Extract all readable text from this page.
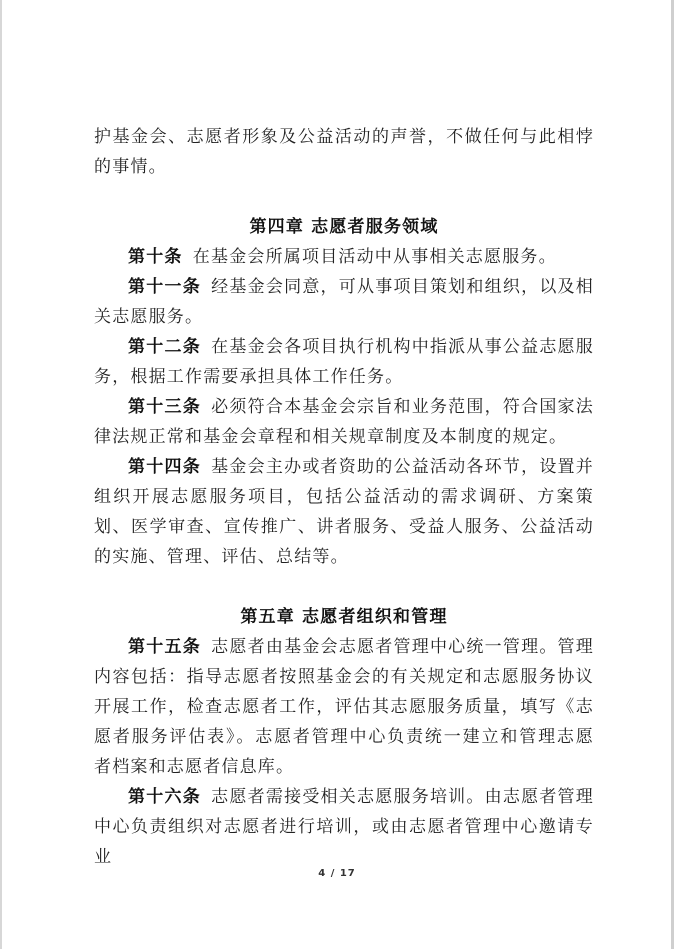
护基金会、志愿者形象及公益活动的声誉，不做任何与此相悖的事情。

第四章 志愿者服务领域

第十条 在基金会所属项目活动中从事相关志愿服务。

第十一条 经基金会同意，可从事项目策划和组织，以及相关志愿服务。

第十二条 在基金会各项目执行机构中指派从事公益志愿服务，根据工作需要承担具体工作任务。

第十三条 必须符合本基金会宗旨和业务范围，符合国家法律法规正常和基金会章程和相关规章制度及本制度的规定。

第十四条 基金会主办或者资助的公益活动各环节，设置并组织开展志愿服务项目，包括公益活动的需求调研、方案策划、医学审查、宣传推广、讲者服务、受益人服务、公益活动的实施、管理、评估、总结等。

第五章 志愿者组织和管理

第十五条 志愿者由基金会志愿者管理中心统一管理。管理内容包括：指导志愿者按照基金会的有关规定和志愿服务协议开展工作，检查志愿者工作，评估其志愿服务质量，填写《志愿者服务评估表》。志愿者管理中心负责统一建立和管理志愿者档案和志愿者信息库。

第十六条 志愿者需接受相关志愿服务培训。由志愿者管理中心负责组织对志愿者进行培训，或由志愿者管理中心邀请专业

4 / 17
